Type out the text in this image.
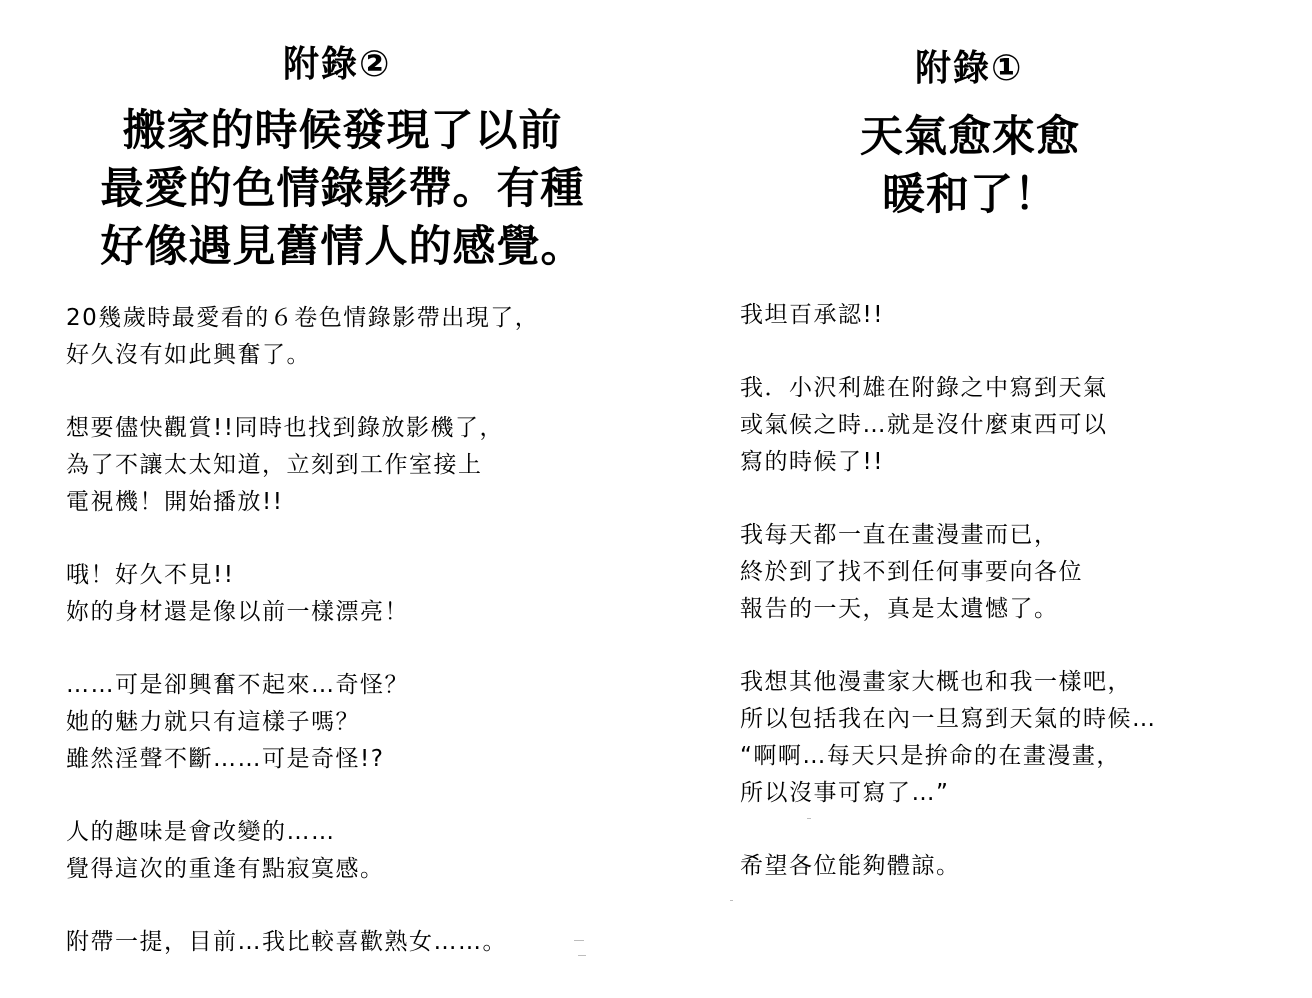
附錄②
搬家的時候發現了以前
最愛的色情錄影帶。有種
好像遇見舊情人的感覺。
20幾歲時最愛看的６卷色情錄影帶出現了，
好久沒有如此興奮了。
想要儘快觀賞!!同時也找到錄放影機了，
為了不讓太太知道，立刻到工作室接上
電視機！開始播放!!
哦！好久不見!!
妳的身材還是像以前一樣漂亮！
……可是卻興奮不起來…奇怪？
她的魅力就只有這樣子嗎？
雖然淫聲不斷……可是奇怪!?
人的趣味是會改變的……
覺得這次的重逢有點寂寞感。
附帶一提，目前…我比較喜歡熟女……。
附錄①
天氣愈來愈
暖和了！
我坦百承認!!
我．小沢利雄在附錄之中寫到天氣
或氣候之時…就是沒什麼東西可以
寫的時候了!!
我每天都一直在畫漫畫而已，
終於到了找不到任何事要向各位
報告的一天，真是太遺憾了。
我想其他漫畫家大概也和我一樣吧，
所以包括我在內一旦寫到天氣的時候…
“啊啊…每天只是拚命的在畫漫畫，
所以沒事可寫了…”
希望各位能夠體諒。
